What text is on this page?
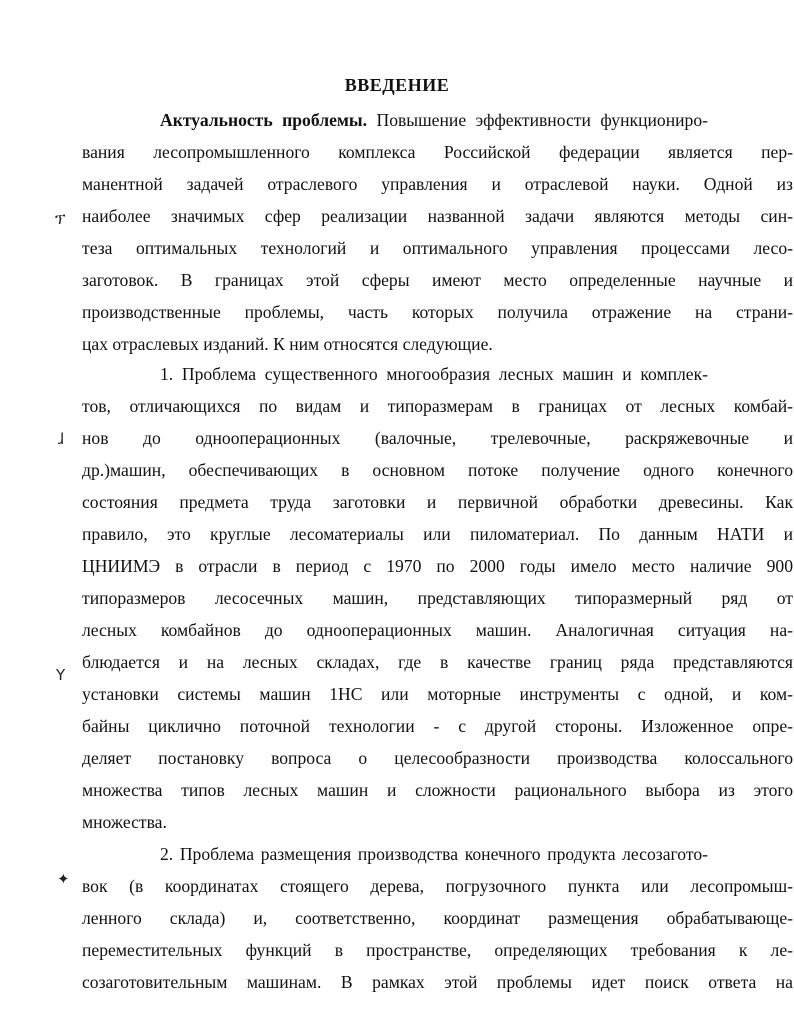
ВВЕДЕНИЕ
Актуальность проблемы. Повышение эффективности функциониро-
вания лесопромышленного комплекса Российской федерации является пер-
манентной задачей отраслевого управления и отраслевой науки. Одной из
наиболее значимых сфер реализации названной задачи являются методы син-
теза оптимальных технологий и оптимального управления процессами лесо-
заготовок. В границах этой сферы имеют место определенные научные и
производственные проблемы, часть которых получила отражение на страни-
цах отраслевых изданий. К ним относятся следующие.
1. Проблема существенного многообразия лесных машин и комплек-
тов, отличающихся по видам и типоразмерам в границах от лесных комбай-
нов до однооперационных (валочные, трелевочные, раскряжевочные и
др.)машин, обеспечивающих в основном потоке получение одного конечного
состояния предмета труда заготовки и первичной обработки древесины. Как
правило, это круглые лесоматериалы или пиломатериал. По данным НАТИ и
ЦНИИМЭ в отрасли в период с 1970 по 2000 годы имело место наличие 900
типоразмеров лесосечных машин, представляющих типоразмерный ряд от
лесных комбайнов до однооперационных машин. Аналогичная ситуация на-
блюдается и на лесных складах, где в качестве границ ряда представляются
установки системы машин 1НС или моторные инструменты с одной, и ком-
байны циклично поточной технологии - с другой стороны. Изложенное опре-
деляет постановку вопроса о целесообразности производства колоссального
множества типов лесных машин и сложности рационального выбора из этого
множества.
2. Проблема размещения производства конечного продукта лесозагото-
вок (в координатах стоящего дерева, погрузочного пункта или лесопромыш-
ленного склада) и, соответственно, координат размещения обрабатывающе-
переместительных функций в пространстве, определяющих требования к ле-
созаготовительным машинам. В рамках этой проблемы идет поиск ответа на
ፕ
ɺ
Y
✦
